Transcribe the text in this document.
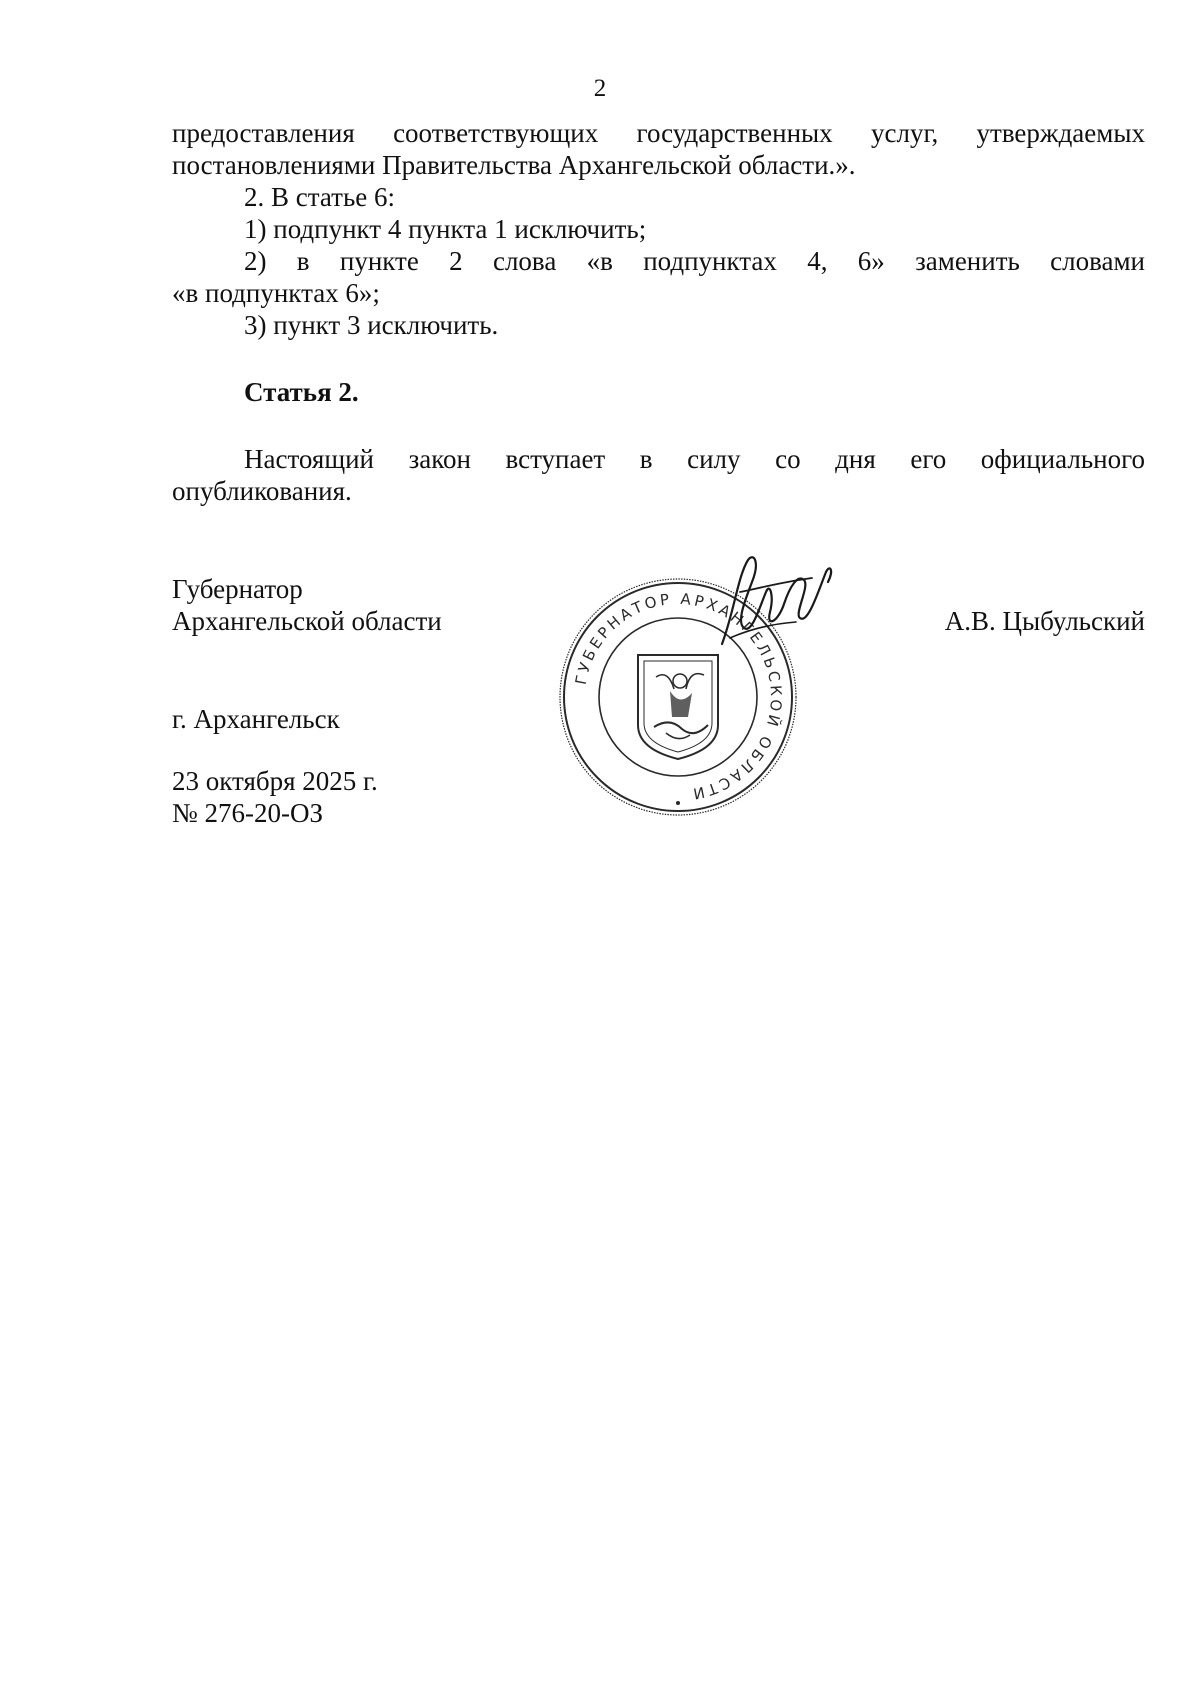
2
предоставления соответствующих государственных услуг, утверждаемых
постановлениями Правительства Архангельской области.».
2. В статье 6:
1) подпункт 4 пункта 1 исключить;
2) в пункте 2 слова «в подпунктах 4, 6» заменить словами
«в подпунктах 6»;
3) пункт 3 исключить.
Статья 2.
Настоящий закон вступает в силу со дня его официального
опубликования.
Губернатор
Архангельской области	А.В. Цыбульский
г. Архангельск
23 октября 2025 г.
№ 276-20-ОЗ
ГУБЕРНАТОР АРХАНГЕЛЬСКОЙ ОБЛАСТИ
